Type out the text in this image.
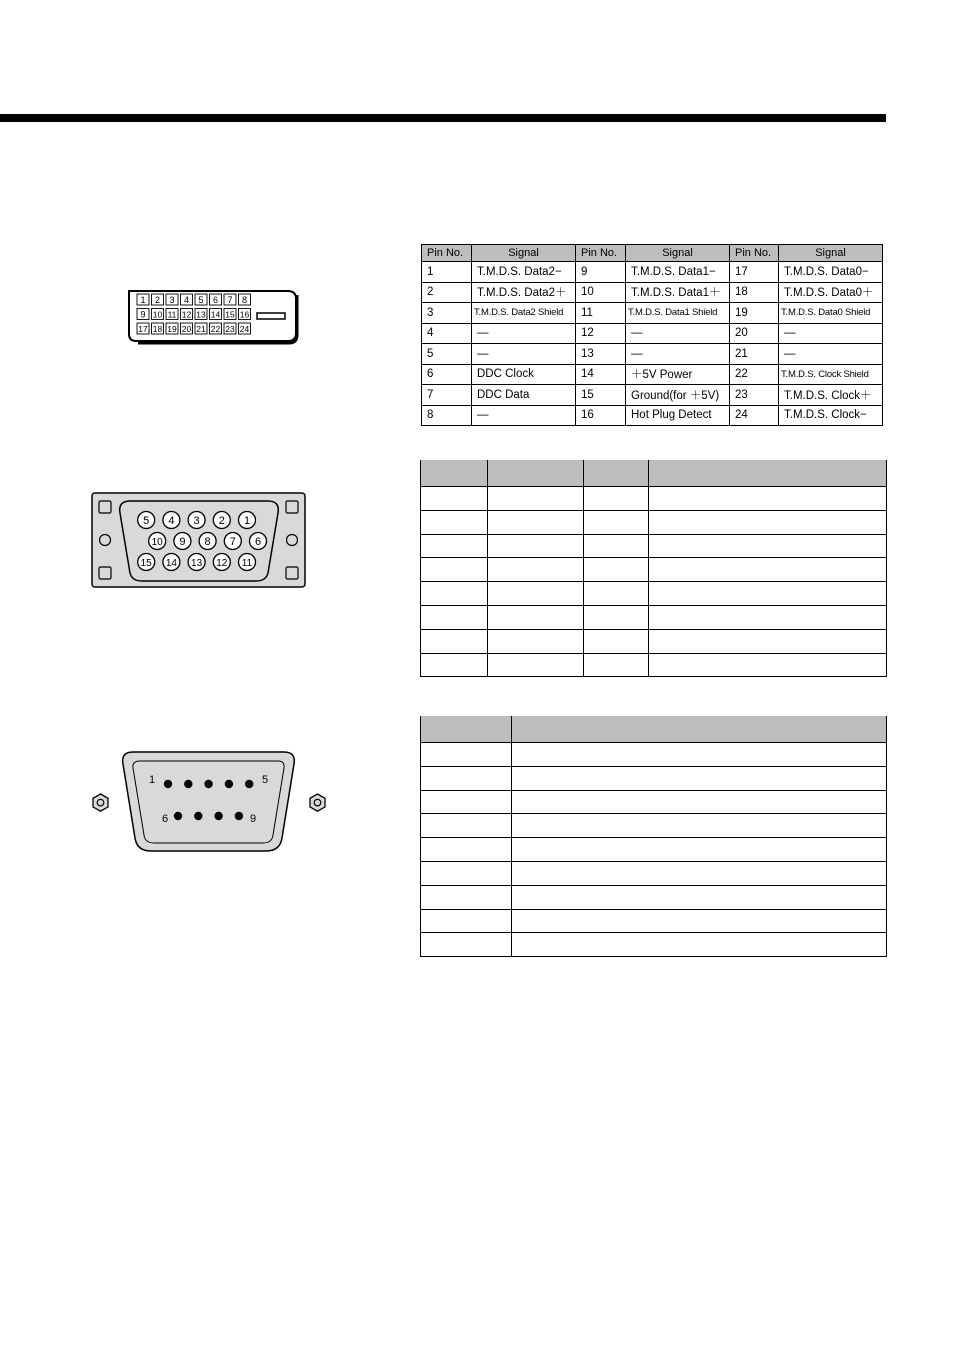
1 2 3 4 5 6 7 8
9 10 11 12 13 14 15 16
17 18 19 20 21 22 23 24
1
2
3
4
5
6
7
8
9
10
11
12
13
14
15
1	5
6	9
Pin No.	Signal	Pin No.	Signal	Pin No.	Signal
1	T.M.D.S. Data2−	9	T.M.D.S. Data1−	17	T.M.D.S. Data0−
2	T.M.D.S. Data2＋	10	T.M.D.S. Data1＋	18	T.M.D.S. Data0＋
3	T.M.D.S. Data2 Shield	11	T.M.D.S. Data1 Shield	19	T.M.D.S. Data0 Shield
4	—	12	—	20	—
5	—	13	—	21	—
6	DDC Clock	14	＋5V Power	22	T.M.D.S. Clock Shield
7	DDC Data	15	Ground(for ＋5V)	23	T.M.D.S. Clock＋
8	—	16	Hot Plug Detect	24	T.M.D.S. Clock−
